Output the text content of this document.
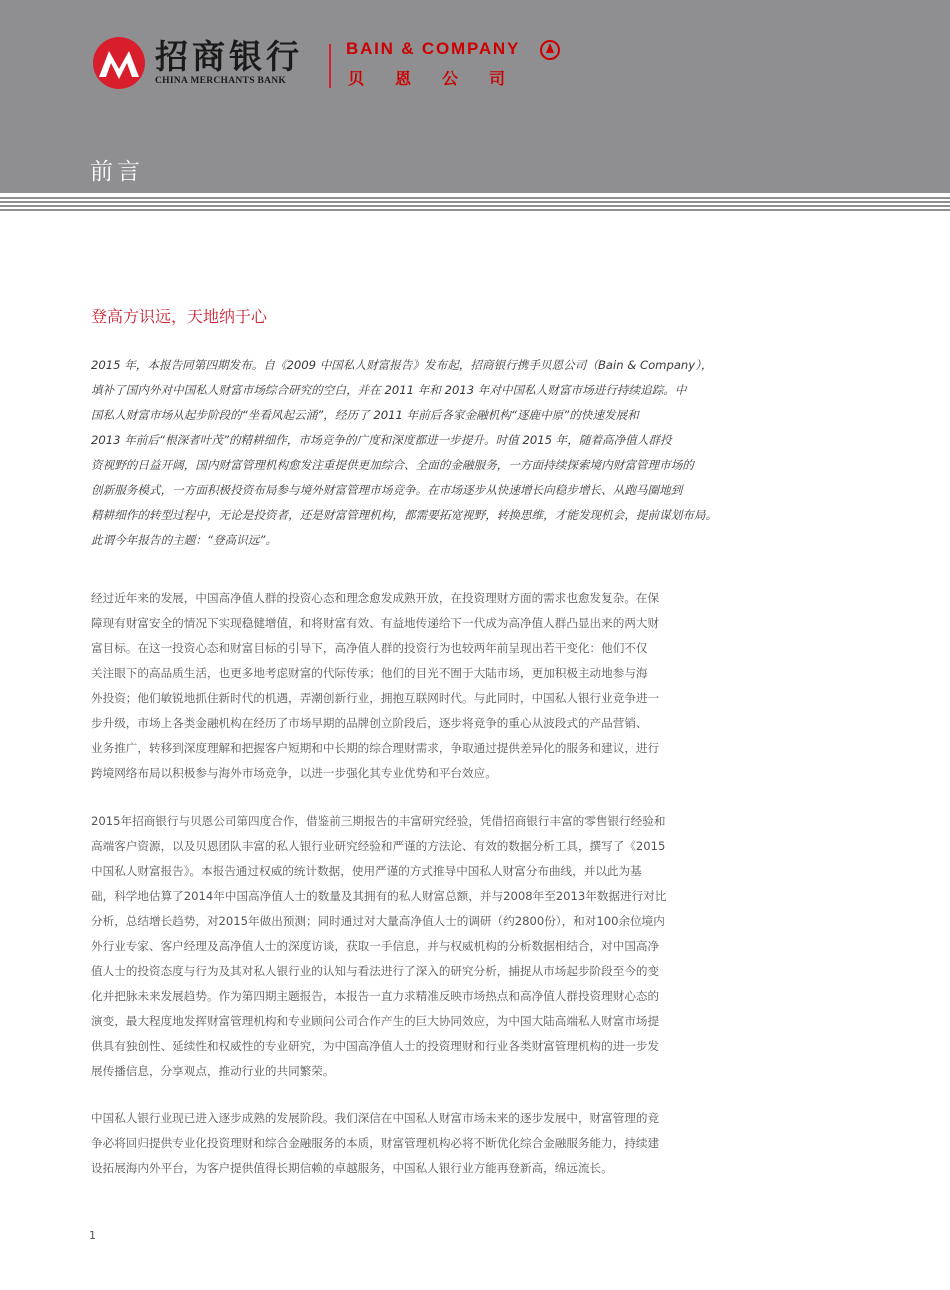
招商银行
CHINA MERCHANTS BANK
BAIN & COMPANY
贝恩公司
前言
登高方识远，天地纳于心
2015 年，本报告同第四期发布。自《2009 中国私人财富报告》发布起，招商银行携手贝恩公司（Bain & Company），
填补了国内外对中国私人财富市场综合研究的空白，并在 2011 年和 2013 年对中国私人财富市场进行持续追踪。中
国私人财富市场从起步阶段的“坐看风起云涌”，经历了 2011 年前后各家金融机构“逐鹿中原”的快速发展和
2013 年前后“根深者叶茂”的精耕细作，市场竞争的广度和深度都进一步提升。时值 2015 年，随着高净值人群投
资视野的日益开阔，国内财富管理机构愈发注重提供更加综合、全面的金融服务，一方面持续探索境内财富管理市场的
创新服务模式，一方面积极投资布局参与境外财富管理市场竞争。在市场逐步从快速增长向稳步增长、从跑马圈地到
精耕细作的转型过程中，无论是投资者，还是财富管理机构，都需要拓宽视野，转换思维，才能发现机会，提前谋划布局。
此谓今年报告的主题：“登高识远”。
经过近年来的发展，中国高净值人群的投资心态和理念愈发成熟开放，在投资理财方面的需求也愈发复杂。在保
障现有财富安全的情况下实现稳健增值，和将财富有效、有益地传递给下一代成为高净值人群凸显出来的两大财
富目标。在这一投资心态和财富目标的引导下，高净值人群的投资行为也较两年前呈现出若干变化：他们不仅
关注眼下的高品质生活，也更多地考虑财富的代际传承；他们的目光不囿于大陆市场，更加积极主动地参与海
外投资；他们敏锐地抓住新时代的机遇，弄潮创新行业，拥抱互联网时代。与此同时，中国私人银行业竞争进一
步升级，市场上各类金融机构在经历了市场早期的品牌创立阶段后，逐步将竞争的重心从波段式的产品营销、
业务推广，转移到深度理解和把握客户短期和中长期的综合理财需求，争取通过提供差异化的服务和建议，进行
跨境网络布局以积极参与海外市场竞争，以进一步强化其专业优势和平台效应。
2015年招商银行与贝恩公司第四度合作，借鉴前三期报告的丰富研究经验，凭借招商银行丰富的零售银行经验和
高端客户资源，以及贝恩团队丰富的私人银行业研究经验和严谨的方法论、有效的数据分析工具，撰写了《2015
中国私人财富报告》。本报告通过权威的统计数据，使用严谨的方式推导中国私人财富分布曲线，并以此为基
础，科学地估算了2014年中国高净值人士的数量及其拥有的私人财富总额，并与2008年至2013年数据进行对比
分析，总结增长趋势，对2015年做出预测；同时通过对大量高净值人士的调研（约2800份），和对100余位境内
外行业专家、客户经理及高净值人士的深度访谈，获取一手信息，并与权威机构的分析数据相结合，对中国高净
值人士的投资态度与行为及其对私人银行业的认知与看法进行了深入的研究分析，捕捉从市场起步阶段至今的变
化并把脉未来发展趋势。作为第四期主题报告，本报告一直力求精准反映市场热点和高净值人群投资理财心态的
演变，最大程度地发挥财富管理机构和专业顾问公司合作产生的巨大协同效应，为中国大陆高端私人财富市场提
供具有独创性、延续性和权威性的专业研究，为中国高净值人士的投资理财和行业各类财富管理机构的进一步发
展传播信息，分享观点，推动行业的共同繁荣。
中国私人银行业现已进入逐步成熟的发展阶段。我们深信在中国私人财富市场未来的逐步发展中，财富管理的竞
争必将回归提供专业化投资理财和综合金融服务的本质，财富管理机构必将不断优化综合金融服务能力，持续建
设拓展海内外平台，为客户提供值得长期信赖的卓越服务，中国私人银行业方能再登新高，绵远流长。
1
